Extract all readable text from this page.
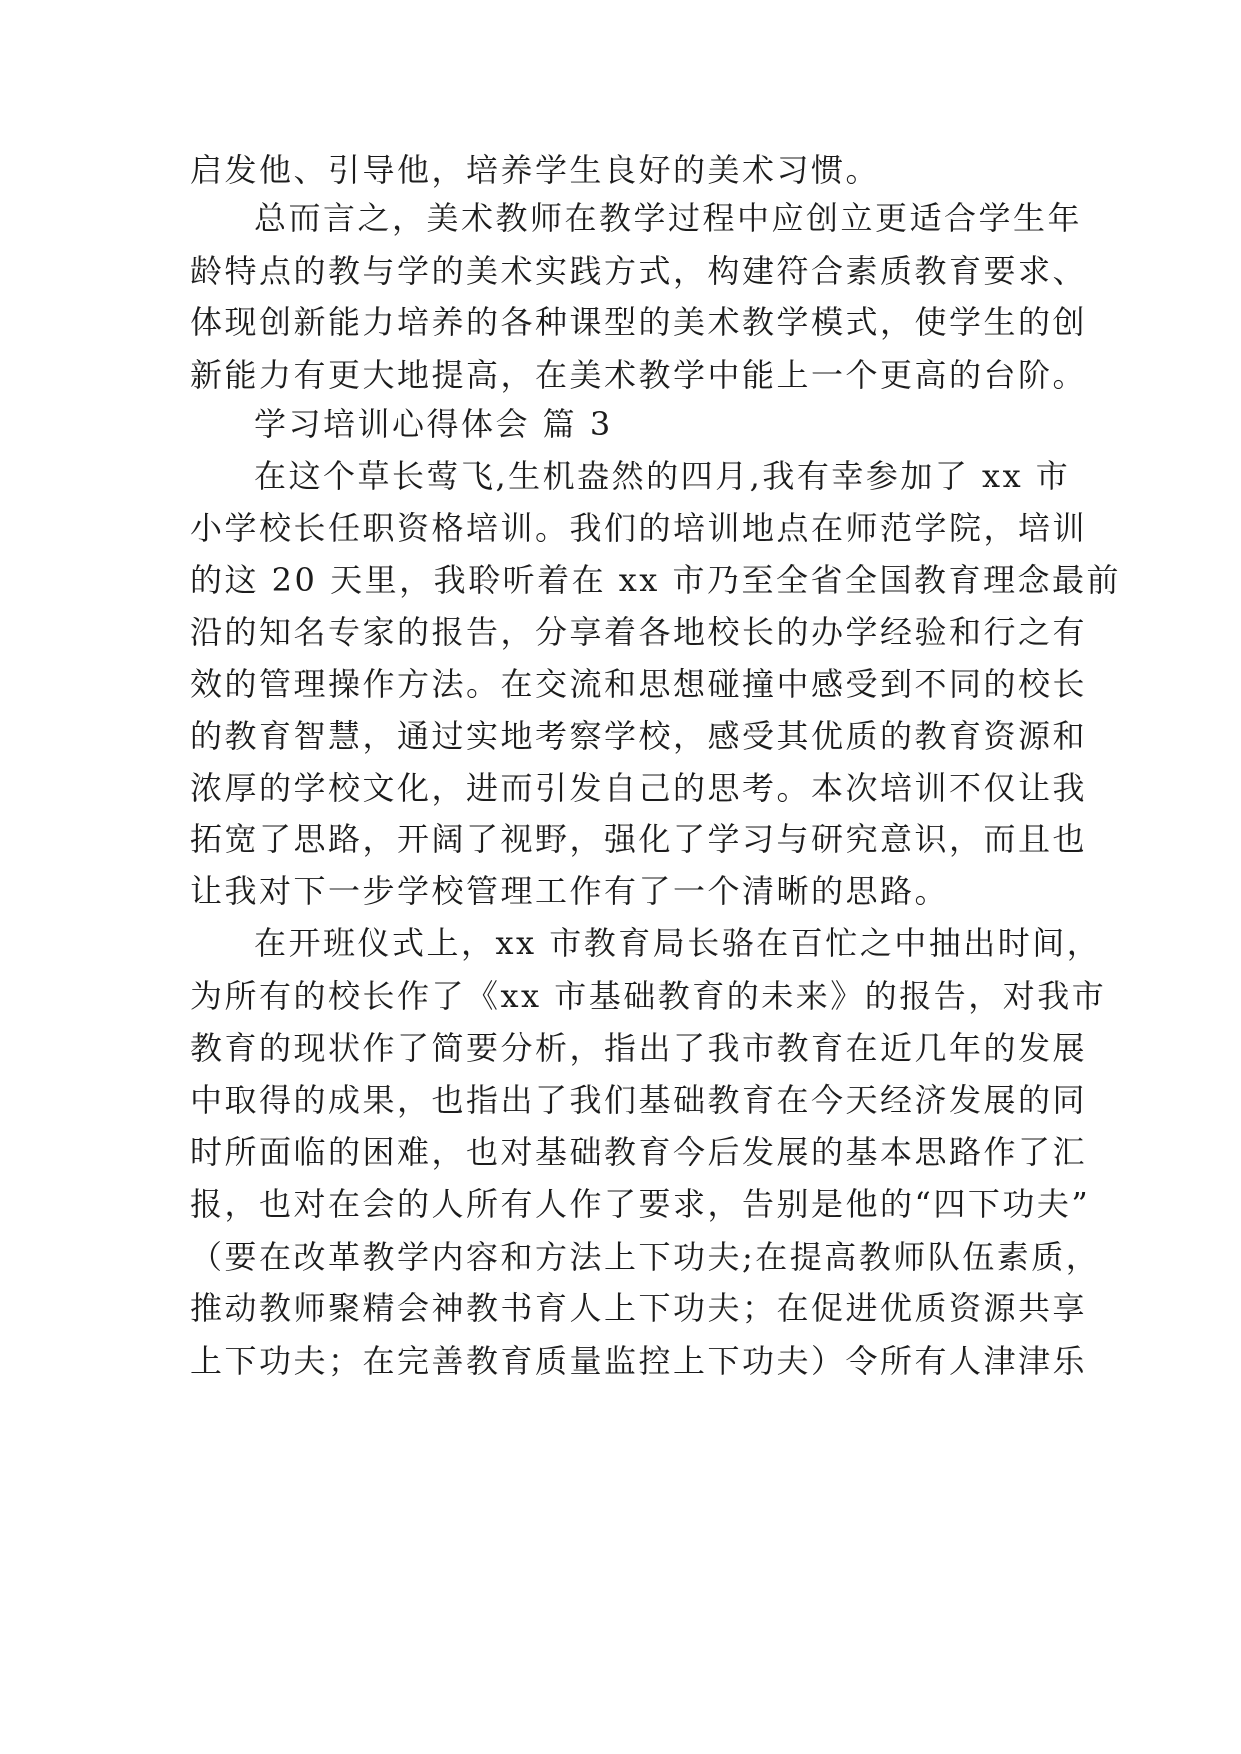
启发他、引导他，培养学生良好的美术习惯。
总而言之，美术教师在教学过程中应创立更适合学生年
龄特点的教与学的美术实践方式，构建符合素质教育要求、
体现创新能力培养的各种课型的美术教学模式，使学生的创
新能力有更大地提高，在美术教学中能上一个更高的台阶。
学习培训心得体会 篇 3
在这个草长莺飞,生机盎然的四月,我有幸参加了 xx 市
小学校长任职资格培训。我们的培训地点在师范学院，培训
的这 20 天里，我聆听着在 xx 市乃至全省全国教育理念最前
沿的知名专家的报告，分享着各地校长的办学经验和行之有
效的管理操作方法。在交流和思想碰撞中感受到不同的校长
的教育智慧，通过实地考察学校，感受其优质的教育资源和
浓厚的学校文化，进而引发自己的思考。本次培训不仅让我
拓宽了思路，开阔了视野，强化了学习与研究意识，而且也
让我对下一步学校管理工作有了一个清晰的思路。
在开班仪式上，xx 市教育局长骆在百忙之中抽出时间，
为所有的校长作了《xx 市基础教育的未来》的报告，对我市
教育的现状作了简要分析，指出了我市教育在近几年的发展
中取得的成果，也指出了我们基础教育在今天经济发展的同
时所面临的困难，也对基础教育今后发展的基本思路作了汇
报，也对在会的人所有人作了要求，告别是他的“四下功夫”
（要在改革教学内容和方法上下功夫;在提高教师队伍素质，
推动教师聚精会神教书育人上下功夫；在促进优质资源共享
上下功夫；在完善教育质量监控上下功夫）令所有人津津乐
